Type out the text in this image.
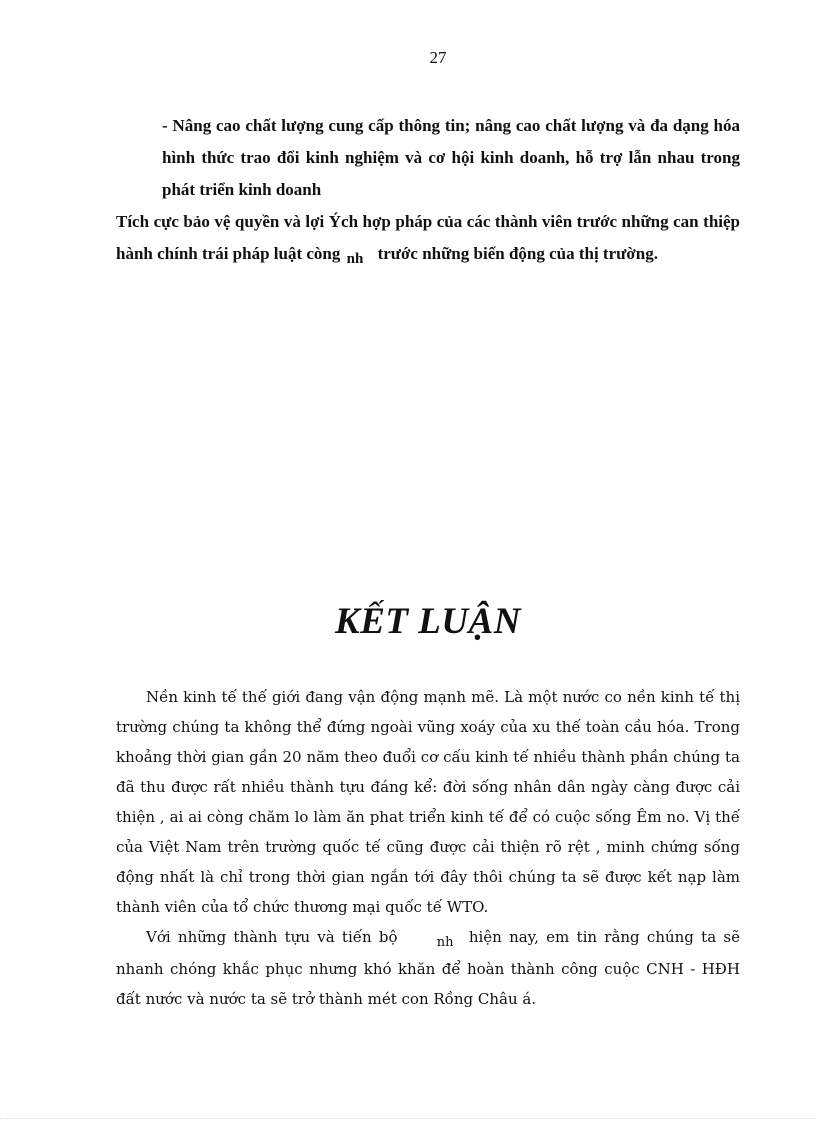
27
- Nâng cao chất lượng cung cấp thông tin; nâng cao chất lượng và đa dạng hóa hình thức trao đổi kinh nghiệm và cơ hội kinh doanh, hỗ trợ lẫn nhau trong phát triển kinh doanh
Tích cực bảo vệ quyền và lợi Ých hợp pháp của các thành viên trước những can thiệp hành chính trái pháp luật còng nh trước những biến động của thị trường.
KẾT LUẬN

Nền kinh tế thế giới đang vận động mạnh mẽ. Là một nước co nền kinh tế thị trường chúng ta không thể đứng ngoài vũng xoáy của xu thế toàn cầu hóa. Trong khoảng thời gian gần 20 năm theo đuổi cơ cấu kinh tế nhiều thành phần chúng ta đã thu được rất nhiều thành tựu đáng kể: đời sống nhân dân ngày càng được cải thiện , ai ai còng chăm lo làm ăn phat triển kinh tế để có cuộc sống Êm no. Vị thế của Việt Nam trên trường quốc tế cũng được cải thiện rõ rệt , minh chứng sống động nhất là chỉ trong thời gian ngắn tới đây thôi chúng ta sẽ được kết nạp làm thành viên của tổ chức thương mại quốc tế WTO.

Với những thành tựu và tiến bộ	nh hiện nay, em tin rằng chúng ta sẽ nhanh chóng khắc phục nhưng khó khăn để hoàn thành công cuộc CNH - HĐH đất nước và nước ta sẽ trở thành mét con Rồng Châu á.
